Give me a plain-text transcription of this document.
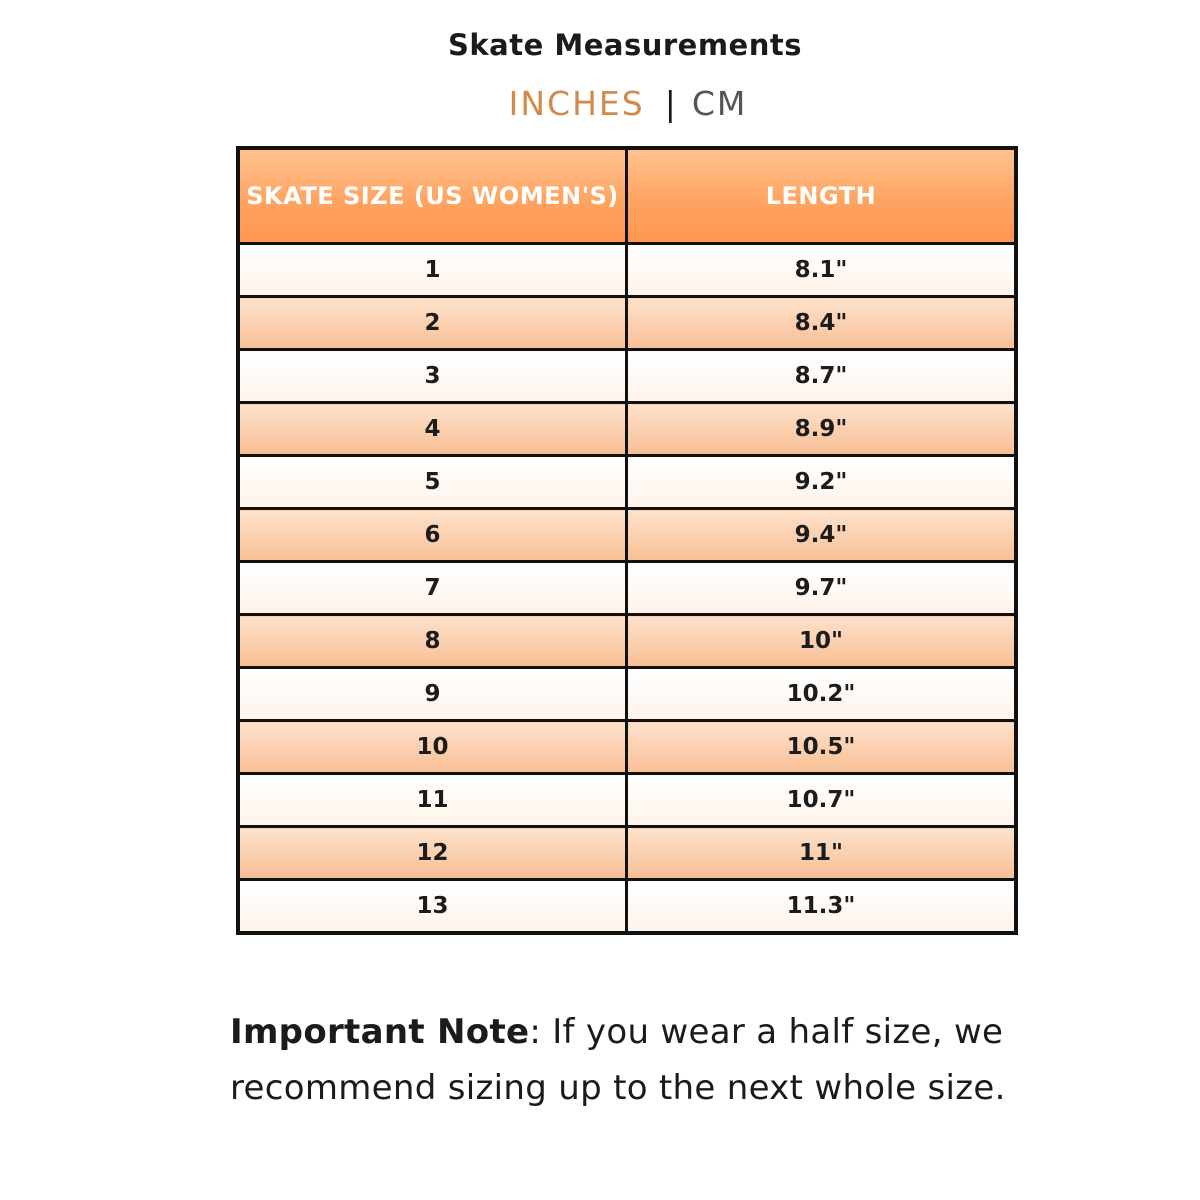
Skate Measurements
INCHES | CM
SKATE SIZE (US WOMEN'S)	LENGTH
1	8.1"
2	8.4"
3	8.7"
4	8.9"
5	9.2"
6	9.4"
7	9.7"
8	10"
9	10.2"
10	10.5"
11	10.7"
12	11"
13	11.3"
Important Note: If you wear a half size, we recommend sizing up to the next whole size.
